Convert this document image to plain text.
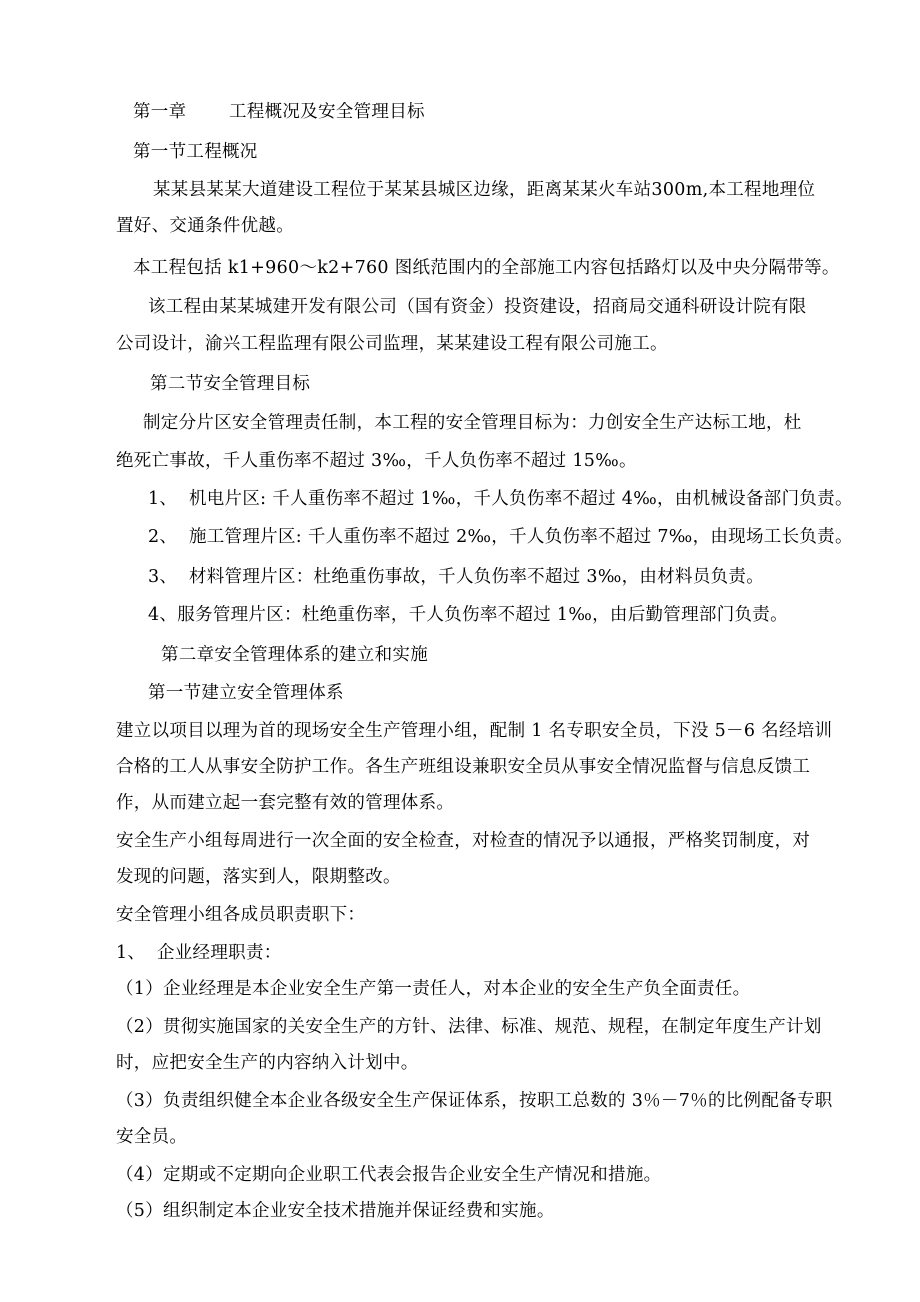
第一章 工程概况及安全管理目标
第一节工程概况
某某县某某大道建设工程位于某某县城区边缘，距离某某火车站300m,本工程地理位
置好、交通条件优越。
本工程包括 k1+960～k2+760 图纸范围内的全部施工内容包括路灯以及中央分隔带等。
该工程由某某城建开发有限公司（国有资金）投资建设，招商局交通科研设计院有限
公司设计，渝兴工程监理有限公司监理，某某建设工程有限公司施工。
第二节安全管理目标
制定分片区安全管理责任制，本工程的安全管理目标为：力创安全生产达标工地，杜
绝死亡事故，千人重伤率不超过 3‰，千人负伤率不超过 15‰。
1、  机电片区: 千人重伤率不超过 1‰，千人负伤率不超过 4‰，由机械设备部门负责。
2、  施工管理片区: 千人重伤率不超过 2‰，千人负伤率不超过 7‰，由现场工长负责。
3、  材料管理片区：杜绝重伤事故，千人负伤率不超过 3‰，由材料员负责。
4、服务管理片区：杜绝重伤率，千人负伤率不超过 1‰，由后勤管理部门负责。
第二章安全管理体系的建立和实施
第一节建立安全管理体系
建立以项目以理为首的现场安全生产管理小组，配制 1 名专职安全员，下没 5－6 名经培训
合格的工人从事安全防护工作。各生产班组设兼职安全员从事安全情况监督与信息反馈工
作，从而建立起一套完整有效的管理体系。
安全生产小组每周进行一次全面的安全检查，对检查的情况予以通报，严格奖罚制度，对
发现的问题，落实到人，限期整改。
安全管理小组各成员职责职下：
1、  企业经理职责：
（1）企业经理是本企业安全生产第一责任人，对本企业的安全生产负全面责任。
（2）贯彻实施国家的关安全生产的方针、法律、标准、规范、规程，在制定年度生产计划
时，应把安全生产的内容纳入计划中。
（3）负责组织健全本企业各级安全生产保证体系，按职工总数的 3％－7％的比例配备专职
安全员。
（4）定期或不定期向企业职工代表会报告企业安全生产情况和措施。
（5）组织制定本企业安全技术措施并保证经费和实施。
